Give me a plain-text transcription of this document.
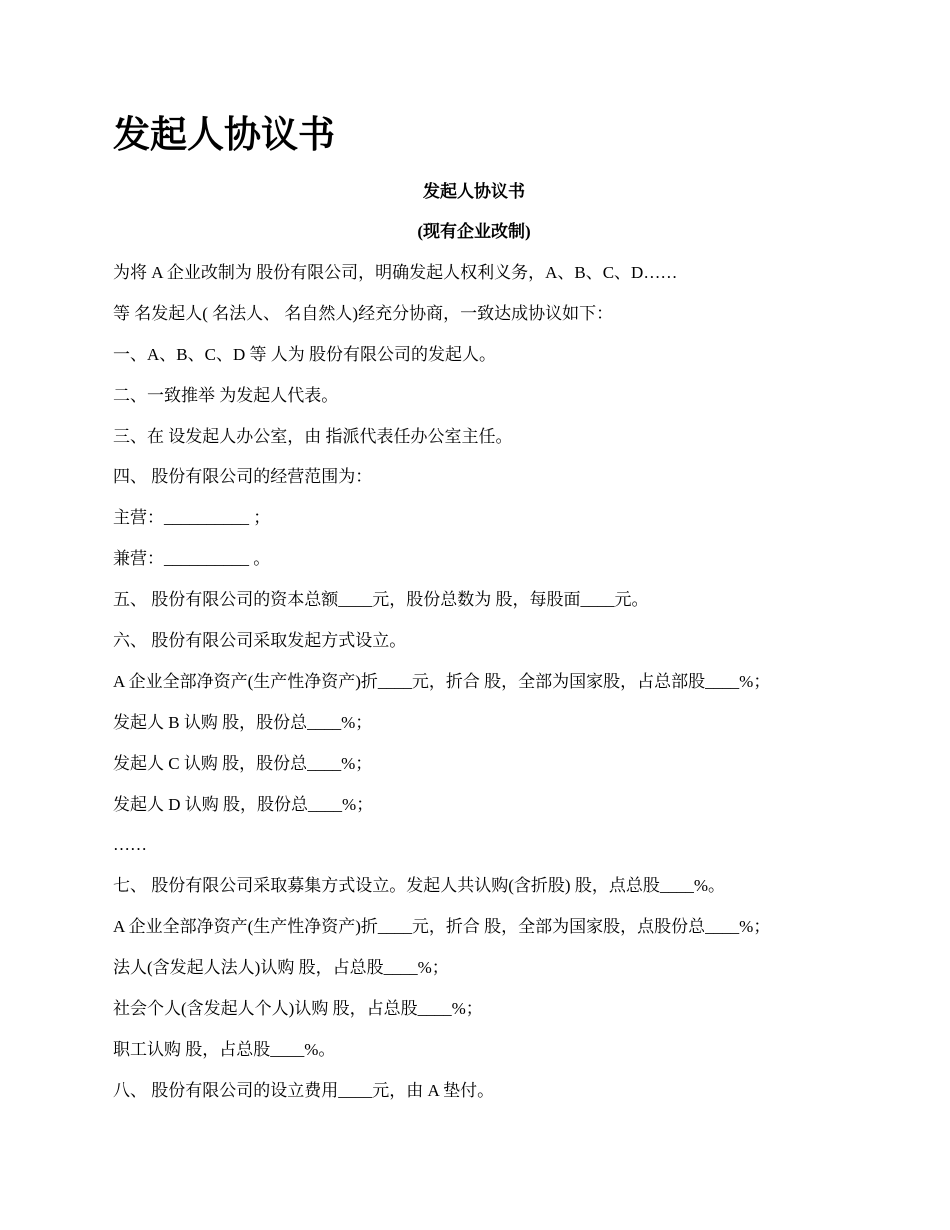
发起人协议书
发起人协议书
(现有企业改制)
为将 A 企业改制为 股份有限公司，明确发起人权利义务，A、B、C、D……
等 名发起人( 名法人、 名自然人)经充分协商，一致达成协议如下：
一、A、B、C、D 等 人为 股份有限公司的发起人。
二、一致推举 为发起人代表。
三、在 设发起人办公室，由 指派代表任办公室主任。
四、 股份有限公司的经营范围为：
主营：__________ ；
兼营：__________ 。
五、 股份有限公司的资本总额____元，股份总数为 股，每股面____元。
六、 股份有限公司采取发起方式设立。
A 企业全部净资产(生产性净资产)折____元，折合 股，全部为国家股，占总部股____%；
发起人 B 认购 股，股份总____%；
发起人 C 认购 股，股份总____%；
发起人 D 认购 股，股份总____%；
……
七、 股份有限公司采取募集方式设立。发起人共认购(含折股) 股，点总股____%。
A 企业全部净资产(生产性净资产)折____元，折合 股，全部为国家股，点股份总____%；
法人(含发起人法人)认购 股，占总股____%；
社会个人(含发起人个人)认购 股，占总股____%；
职工认购 股，占总股____%。
八、 股份有限公司的设立费用____元，由 A 垫付。
